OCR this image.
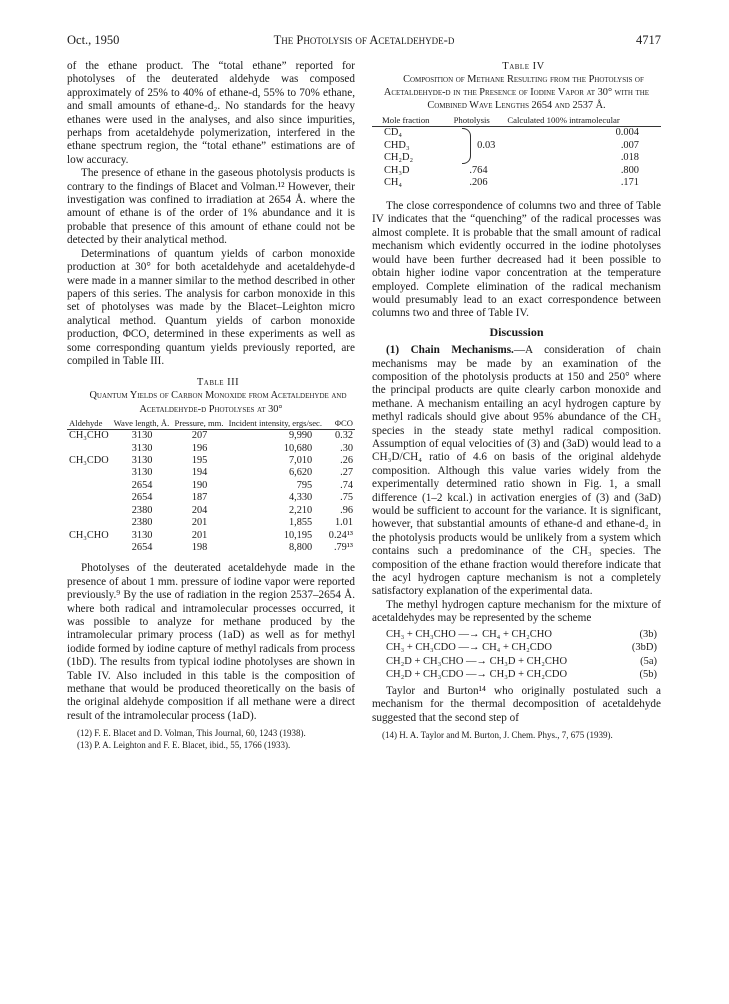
Oct., 1950	The Photolysis of Acetaldehyde-d	4717

of the ethane product. The “total ethane” reported for photolyses of the deuterated aldehyde was composed approximately of 25% to 40% of ethane-d, 55% to 70% ethane, and small amounts of ethane-d₂. No standards for the heavy ethanes were used in the analyses, and also since impurities, perhaps from acetaldehyde polymerization, interfered in the ethane spectrum region, the “total ethane” estimations are of low accuracy.

The presence of ethane in the gaseous photolysis products is contrary to the findings of Blacet and Volman.¹² However, their investigation was confined to irradiation at 2654 Å. where the amount of ethane is of the order of 1% abundance and it is probable that presence of this amount of ethane could not be detected by their analytical method.

Determinations of quantum yields of carbon monoxide production at 30° for both acetaldehyde and acetaldehyde-d were made in a manner similar to the method described in other papers of this series. The analysis for carbon monoxide in this set of photolyses was made by the Blacet–Leighton micro analytical method. Quantum yields of carbon monoxide production, ΦCO, determined in these experiments as well as some corresponding quantum yields previously reported, are compiled in Table III.

Table III

Quantum Yields of Carbon Monoxide from Acetaldehyde and Acetaldehyde-d Photolyses at 30°

Aldehyde	Wave length, Å.	Pressure, mm.	Incident intensity, ergs/sec.	ΦCO
CH₃CHO	3130	207	9,990	0.32
	3130	196	10,680	.30
CH₃CDO	3130	195	7,010	.26
	3130	194	6,620	.27
	2654	190	795	.74
	2654	187	4,330	.75
	2380	204	2,210	.96
	2380	201	1,855	1.01
CH₃CHO	3130	201	10,195	0.24¹³
	2654	198	8,800	.79¹³

Photolyses of the deuterated acetaldehyde made in the presence of about 1 mm. pressure of iodine vapor were reported previously.⁹ By the use of radiation in the region 2537–2654 Å. where both radical and intramolecular processes occurred, it was possible to analyze for methane produced by the intramolecular primary process (1aD) as well as for methyl iodide formed by iodine capture of methyl radicals from process (1bD). The results from typical iodine photolyses are shown in Table IV. Also included in this table is the composition of methane that would be produced theoretically on the basis of the original aldehyde composition if all methane were a direct result of the intramolecular process (1aD).

(12) F. E. Blacet and D. Volman, This Journal, 60, 1243 (1938).
(13) P. A. Leighton and F. E. Blacet, ibid., 55, 1766 (1933).

Table IV

Composition of Methane Resulting from the Photolysis of Acetaldehyde-d in the Presence of Iodine Vapor at 30° with the Combined Wave Lengths 2654 and 2537 Å.

Mole fraction	Photolysis	Calculated 100% intramolecular
CD₄	0.03	0.004
CHD₃		.007
CH₂D₂		.018
CH₃D	.764	.800
CH₄	.206	.171

The close correspondence of columns two and three of Table IV indicates that the “quenching” of the radical processes was almost complete. It is probable that the small amount of radical mechanism which evidently occurred in the iodine photolyses would have been further decreased had it been possible to obtain higher iodine vapor concentration at the temperature employed. Complete elimination of the radical mechanism would presumably lead to an exact correspondence between columns two and three of Table IV.

Discussion

(1) Chain Mechanisms.—A consideration of chain mechanisms may be made by an examination of the composition of the photolysis products at 150 and 250° where the principal products are quite clearly carbon monoxide and methane. A mechanism entailing an acyl hydrogen capture by methyl radicals should give about 95% abundance of the CH₃ species in the steady state methyl radical composition. Assumption of equal velocities of (3) and (3aD) would lead to a CH₃D/CH₄ ratio of 4.6 on basis of the original aldehyde composition. Although this value varies widely from the experimentally determined ratio shown in Fig. 1, a small difference (1–2 kcal.) in activation energies of (3) and (3aD) would be sufficient to account for the variance. It is significant, however, that substantial amounts of ethane-d and ethane-d₂ in the photolysis products would be unlikely from a system which contains such a predominance of the CH₃ species. The composition of the ethane fraction would therefore indicate that the acyl hydrogen capture mechanism is not a completely satisfactory explanation of the experimental data.

The methyl hydrogen capture mechanism for the mixture of acetaldehydes may be represented by the scheme

CH₃ + CH₃CHO —→ CH₄ + CH₂CHO	(3b)
CH₃ + CH₃CDO —→ CH₄ + CH₂CDO	(3bD)
CH₂D + CH₃CHO —→ CH₃D + CH₂CHO	(5a)
CH₂D + CH₃CDO —→ CH₃D + CH₂CDO	(5b)

Taylor and Burton¹⁴ who originally postulated such a mechanism for the thermal decomposition of acetaldehyde suggested that the second step of

(14) H. A. Taylor and M. Burton, J. Chem. Phys., 7, 675 (1939).
